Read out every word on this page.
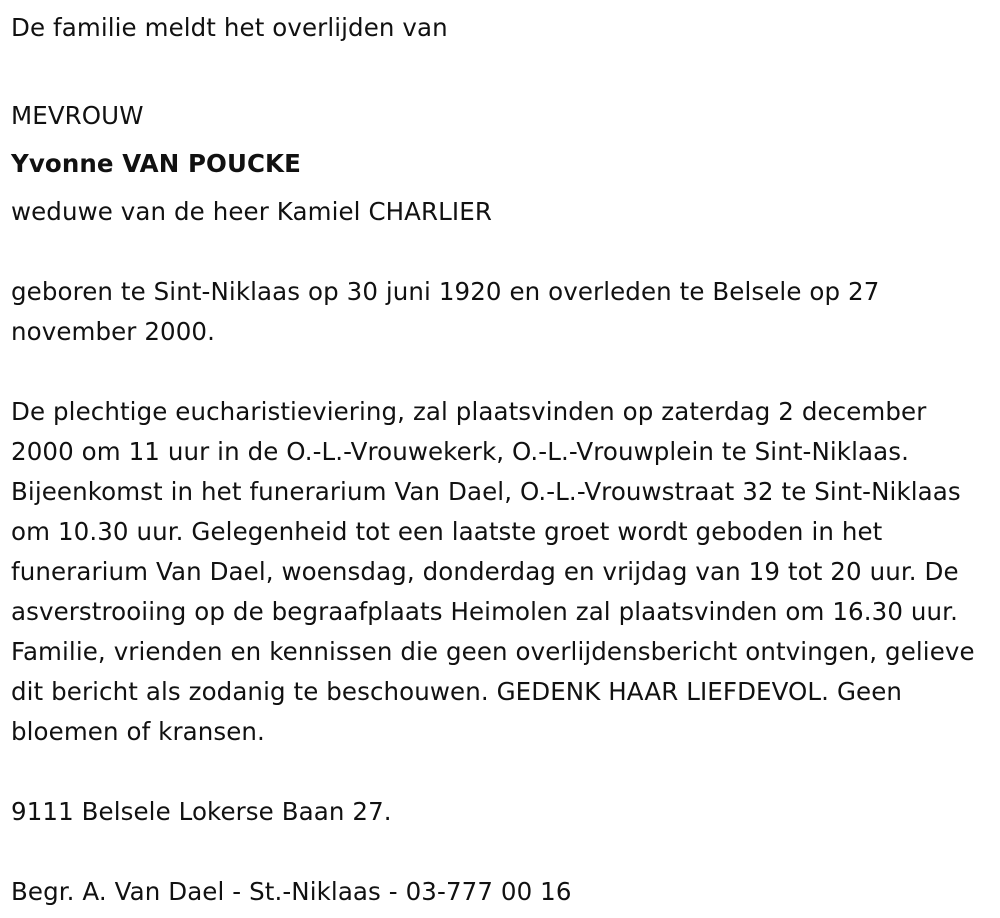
De familie meldt het overlijden van

MEVROUW

Yvonne VAN POUCKE

weduwe van de heer Kamiel CHARLIER

geboren te Sint-Niklaas op 30 juni 1920 en overleden te Belsele op 27 november 2000.

De plechtige eucharistieviering, zal plaatsvinden op zaterdag 2 december 2000 om 11 uur in de O.-L.-Vrouwekerk, O.-L.-Vrouwplein te Sint-Niklaas. Bijeenkomst in het funerarium Van Dael, O.-L.-Vrouwstraat 32 te Sint-Niklaas om 10.30 uur. Gelegenheid tot een laatste groet wordt geboden in het funerarium Van Dael, woensdag, donderdag en vrijdag van 19 tot 20 uur. De asverstrooiing op de begraafplaats Heimolen zal plaatsvinden om 16.30 uur. Familie, vrienden en kennissen die geen overlijdensbericht ontvingen, gelieve dit bericht als zodanig te beschouwen. GEDENK HAAR LIEFDEVOL. Geen bloemen of kransen.

9111 Belsele Lokerse Baan 27.

Begr. A. Van Dael - St.-Niklaas - 03-777 00 16
